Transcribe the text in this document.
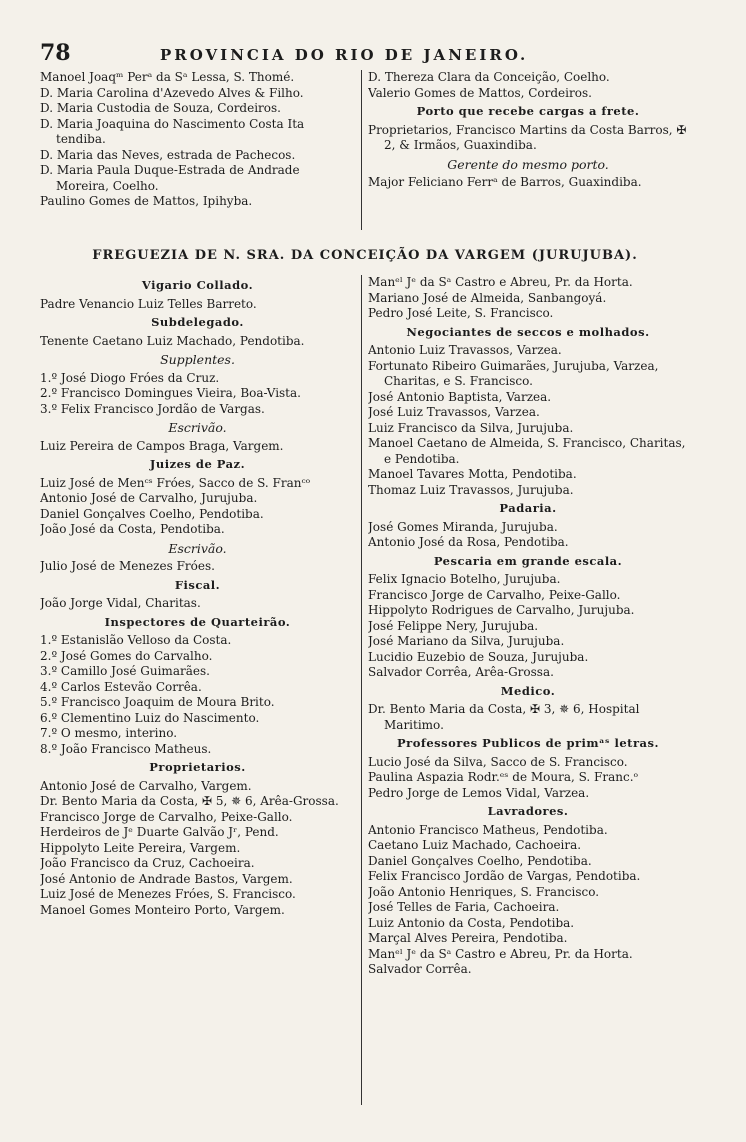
78	PROVINCIA DO RIO DE JANEIRO.
Manoel Joaqᵐ Perᵃ da Sᵃ Lessa, S. Thomé.
D. Maria Carolina d'Azevedo Alves & Filho.
D. Maria Custodia de Souza, Cordeiros.
D. Maria Joaquina do Nascimento Costa Ita tendiba.
D. Maria das Neves, estrada de Pachecos.
D. Maria Paula Duque-Estrada de Andrade Moreira, Coelho.
Paulino Gomes de Mattos, Ipihyba.
D. Thereza Clara da Conceição, Coelho.
Valerio Gomes de Mattos, Cordeiros.
Porto que recebe cargas a frete.
Proprietarios, Francisco Martins da Costa Barros, ✠ 2, & Irmãos, Guaxindiba.
Gerente do mesmo porto.
Major Feliciano Ferrᵃ de Barros, Guaxindiba.
FREGUEZIA DE N. SRA. DA CONCEIÇÃO DA VARGEM (JURUJUBA).
Vigario Collado.
Padre Venancio Luiz Telles Barreto.
Subdelegado.
Tenente Caetano Luiz Machado, Pendotiba.
Supplentes.
1.º José Diogo Fróes da Cruz.
2.º Francisco Domingues Vieira, Boa-Vista.
3.º Felix Francisco Jordão de Vargas.
Escrivão.
Luiz Pereira de Campos Braga, Vargem.
Juizes de Paz.
Luiz José de Menᶜˢ Fróes, Sacco de S. Franᶜᵒ
Antonio José de Carvalho, Jurujuba.
Daniel Gonçalves Coelho, Pendotiba.
João José da Costa, Pendotiba.
Escrivão.
Julio José de Menezes Fróes.
Fiscal.
João Jorge Vidal, Charitas.
Inspectores de Quarteirão.
1.º Estanislão Velloso da Costa.
2.º José Gomes do Carvalho.
3.º Camillo José Guimarães.
4.º Carlos Estevão Corrêa.
5.º Francisco Joaquim de Moura Brito.
6.º Clementino Luiz do Nascimento.
7.º O mesmo, interino.
8.º João Francisco Matheus.
Proprietarios.
Antonio José de Carvalho, Vargem.
Dr. Bento Maria da Costa, ✠ 5, ✵ 6, Arêa-Grossa.
Francisco Jorge de Carvalho, Peixe-Gallo.
Herdeiros de Jᵉ Duarte Galvão Jʳ, Pend.
Hippolyto Leite Pereira, Vargem.
João Francisco da Cruz, Cachoeira.
José Antonio de Andrade Bastos, Vargem.
Luiz José de Menezes Fróes, S. Francisco.
Manoel Gomes Monteiro Porto, Vargem.
Manᵉˡ Jᵉ da Sᵃ Castro e Abreu, Pr. da Horta.
Mariano José de Almeida, Sanbangoyá.
Pedro José Leite, S. Francisco.
Negociantes de seccos e molhados.
Antonio Luiz Travassos, Varzea.
Fortunato Ribeiro Guimarães, Jurujuba, Varzea, Charitas, e S. Francisco.
José Antonio Baptista, Varzea.
José Luiz Travassos, Varzea.
Luiz Francisco da Silva, Jurujuba.
Manoel Caetano de Almeida, S. Francisco, Charitas, e Pendotiba.
Manoel Tavares Motta, Pendotiba.
Thomaz Luiz Travassos, Jurujuba.
Padaria.
José Gomes Miranda, Jurujuba.
Antonio José da Rosa, Pendotiba.
Pescaria em grande escala.
Felix Ignacio Botelho, Jurujuba.
Francisco Jorge de Carvalho, Peixe-Gallo.
Hippolyto Rodrigues de Carvalho, Jurujuba.
José Felippe Nery, Jurujuba.
José Mariano da Silva, Jurujuba.
Lucidio Euzebio de Souza, Jurujuba.
Salvador Corrêa, Arêa-Grossa.
Medico.
Dr. Bento Maria da Costa, ✠ 3, ✵ 6, Hospital Maritimo.
Professores Publicos de primᵃˢ letras.
Lucio José da Silva, Sacco de S. Francisco.
Paulina Aspazia Rodr.ᵉˢ de Moura, S. Franc.ᵒ
Pedro Jorge de Lemos Vidal, Varzea.
Lavradores.
Antonio Francisco Matheus, Pendotiba.
Caetano Luiz Machado, Cachoeira.
Daniel Gonçalves Coelho, Pendotiba.
Felix Francisco Jordão de Vargas, Pendotiba.
João Antonio Henriques, S. Francisco.
José Telles de Faria, Cachoeira.
Luiz Antonio da Costa, Pendotiba.
Marçal Alves Pereira, Pendotiba.
Manᵉˡ Jᵉ da Sᵃ Castro e Abreu, Pr. da Horta.
Salvador Corrêa.
